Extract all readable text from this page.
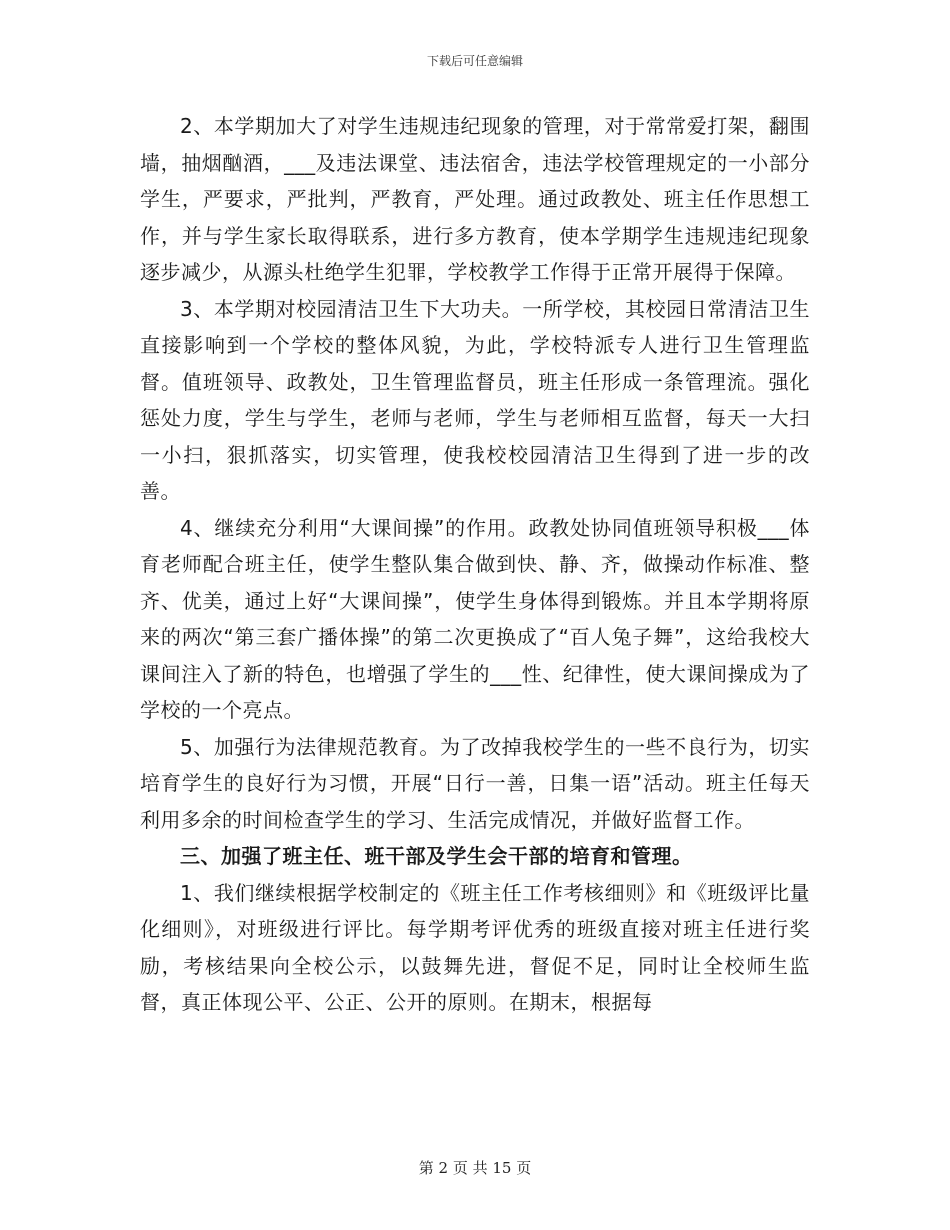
下载后可任意编辑

2、本学期加大了对学生违规违纪现象的管理，对于常常爱打架，翻围墙，抽烟酗酒，___及违法课堂、违法宿舍，违法学校管理规定的一小部分学生，严要求，严批判，严教育，严处理。通过政教处、班主任作思想工作，并与学生家长取得联系，进行多方教育，使本学期学生违规违纪现象逐步减少，从源头杜绝学生犯罪，学校教学工作得于正常开展得于保障。

3、本学期对校园清洁卫生下大功夫。一所学校，其校园日常清洁卫生直接影响到一个学校的整体风貌，为此，学校特派专人进行卫生管理监督。值班领导、政教处，卫生管理监督员，班主任形成一条管理流。强化惩处力度，学生与学生，老师与老师，学生与老师相互监督，每天一大扫一小扫，狠抓落实，切实管理，使我校校园清洁卫生得到了进一步的改善。

4、继续充分利用“大课间操”的作用。政教处协同值班领导积极___体育老师配合班主任，使学生整队集合做到快、静、齐，做操动作标准、整齐、优美，通过上好“大课间操”，使学生身体得到锻炼。并且本学期将原来的两次“第三套广播体操”的第二次更换成了“百人兔子舞”，这给我校大课间注入了新的特色，也增强了学生的___性、纪律性，使大课间操成为了学校的一个亮点。

5、加强行为法律规范教育。为了改掉我校学生的一些不良行为，切实培育学生的良好行为习惯，开展“日行一善，日集一语”活动。班主任每天利用多余的时间检查学生的学习、生活完成情况，并做好监督工作。

三、加强了班主任、班干部及学生会干部的培育和管理。

1、我们继续根据学校制定的《班主任工作考核细则》和《班级评比量化细则》，对班级进行评比。每学期考评优秀的班级直接对班主任进行奖励，考核结果向全校公示，以鼓舞先进，督促不足，同时让全校师生监督，真正体现公平、公正、公开的原则。在期末，根据每

第 2 页 共 15 页
